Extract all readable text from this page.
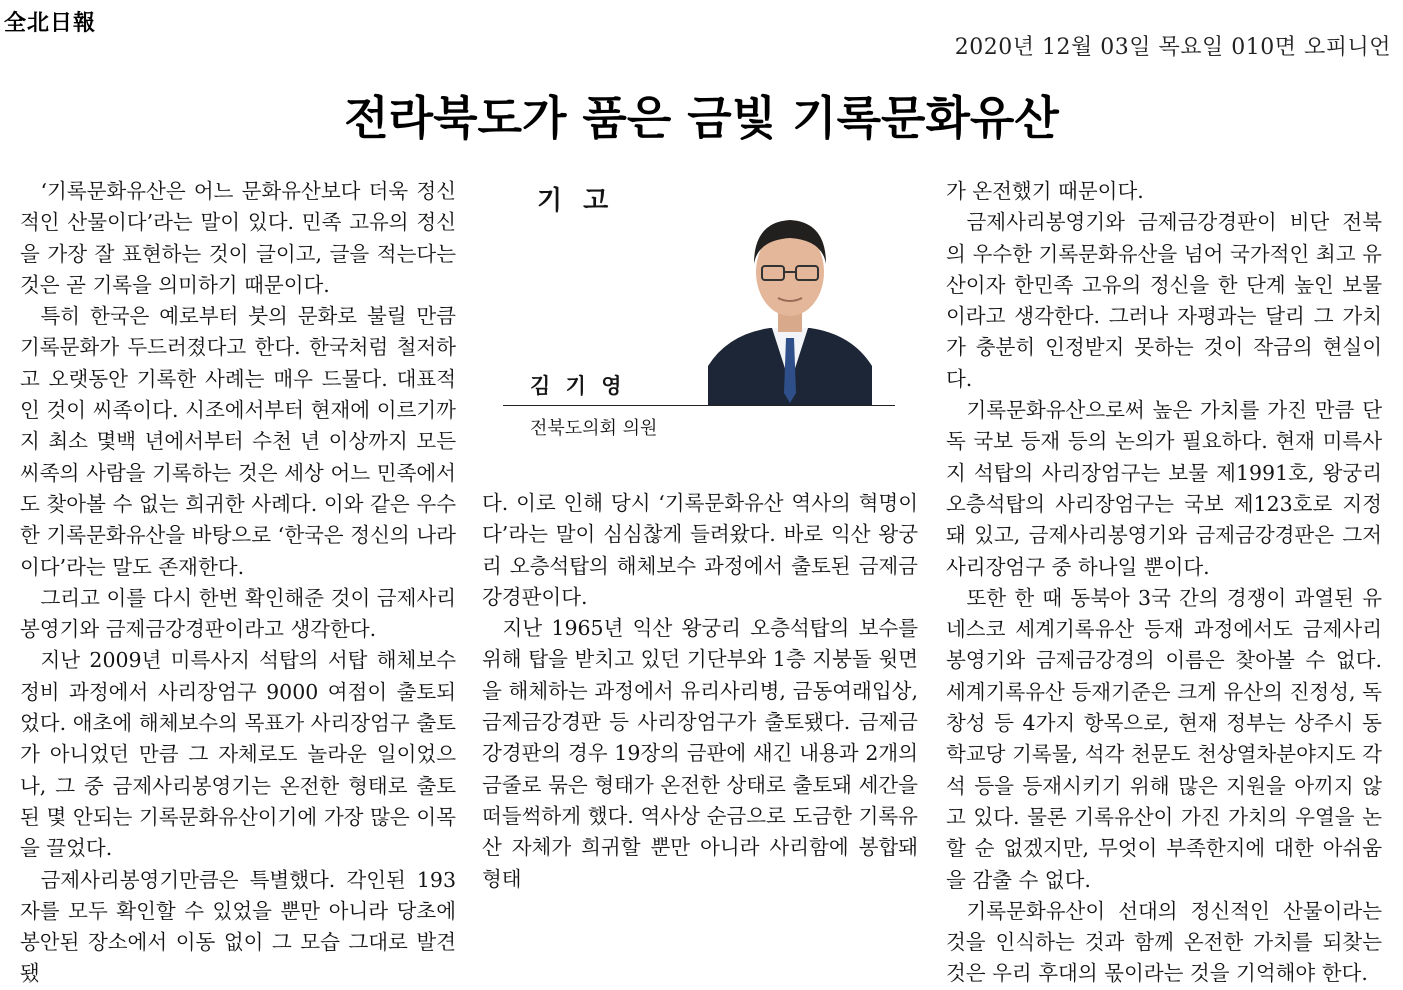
全北日報
2020년 12월 03일 목요일 010면 오피니언
전라북도가 품은 금빛 기록문화유산

‘기록문화유산은 어느 문화유산보다 더욱 정신적인 산물이다’라는 말이 있다. 민족 고유의 정신을 가장 잘 표현하는 것이 글이고, 글을 적는다는 것은 곧 기록을 의미하기 때문이다.

특히 한국은 예로부터 붓의 문화로 불릴 만큼 기록문화가 두드러졌다고 한다. 한국처럼 철저하고 오랫동안 기록한 사례는 매우 드물다. 대표적인 것이 씨족이다. 시조에서부터 현재에 이르기까지 최소 몇백 년에서부터 수천 년 이상까지 모든 씨족의 사람을 기록하는 것은 세상 어느 민족에서도 찾아볼 수 없는 희귀한 사례다. 이와 같은 우수한 기록문화유산을 바탕으로 ‘한국은 정신의 나라이다’라는 말도 존재한다.

그리고 이를 다시 한번 확인해준 것이 금제사리봉영기와 금제금강경판이라고 생각한다.

지난 2009년 미륵사지 석탑의 서탑 해체보수정비 과정에서 사리장엄구 9000 여점이 출토되었다. 애초에 해체보수의 목표가 사리장엄구 출토가 아니었던 만큼 그 자체로도 놀라운 일이었으나, 그 중 금제사리봉영기는 온전한 형태로 출토된 몇 안되는 기록문화유산이기에 가장 많은 이목을 끌었다.

금제사리봉영기만큼은 특별했다. 각인된 193자를 모두 확인할 수 있었을 뿐만 아니라 당초에 봉안된 장소에서 이동 없이 그 모습 그대로 발견됐

기 고
김 기 영
전북도의회 의원

다. 이로 인해 당시 ‘기록문화유산 역사의 혁명이다’라는 말이 심심찮게 들려왔다. 바로 익산 왕궁리 오층석탑의 해체보수 과정에서 출토된 금제금강경판이다.

지난 1965년 익산 왕궁리 오층석탑의 보수를 위해 탑을 받치고 있던 기단부와 1층 지붕돌 윗면을 해체하는 과정에서 유리사리병, 금동여래입상, 금제금강경판 등 사리장엄구가 출토됐다. 금제금강경판의 경우 19장의 금판에 새긴 내용과 2개의 금줄로 묶은 형태가 온전한 상태로 출토돼 세간을 떠들썩하게 했다. 역사상 순금으로 도금한 기록유산 자체가 희귀할 뿐만 아니라 사리함에 봉합돼 형태

가 온전했기 때문이다.

금제사리봉영기와 금제금강경판이 비단 전북의 우수한 기록문화유산을 넘어 국가적인 최고 유산이자 한민족 고유의 정신을 한 단계 높인 보물이라고 생각한다. 그러나 자평과는 달리 그 가치가 충분히 인정받지 못하는 것이 작금의 현실이다.

기록문화유산으로써 높은 가치를 가진 만큼 단독 국보 등재 등의 논의가 필요하다. 현재 미륵사지 석탑의 사리장엄구는 보물 제1991호, 왕궁리 오층석탑의 사리장엄구는 국보 제123호로 지정돼 있고, 금제사리봉영기와 금제금강경판은 그저 사리장엄구 중 하나일 뿐이다.

또한 한 때 동북아 3국 간의 경쟁이 과열된 유네스코 세계기록유산 등재 과정에서도 금제사리봉영기와 금제금강경의 이름은 찾아볼 수 없다. 세계기록유산 등재기준은 크게 유산의 진정성, 독창성 등 4가지 항목으로, 현재 정부는 상주시 동학교당 기록물, 석각 천문도 천상열차분야지도 각석 등을 등재시키기 위해 많은 지원을 아끼지 않고 있다. 물론 기록유산이 가진 가치의 우열을 논할 순 없겠지만, 무엇이 부족한지에 대한 아쉬움을 감출 수 없다.

기록문화유산이 선대의 정신적인 산물이라는 것을 인식하는 것과 함께 온전한 가치를 되찾는 것은 우리 후대의 몫이라는 것을 기억해야 한다.
